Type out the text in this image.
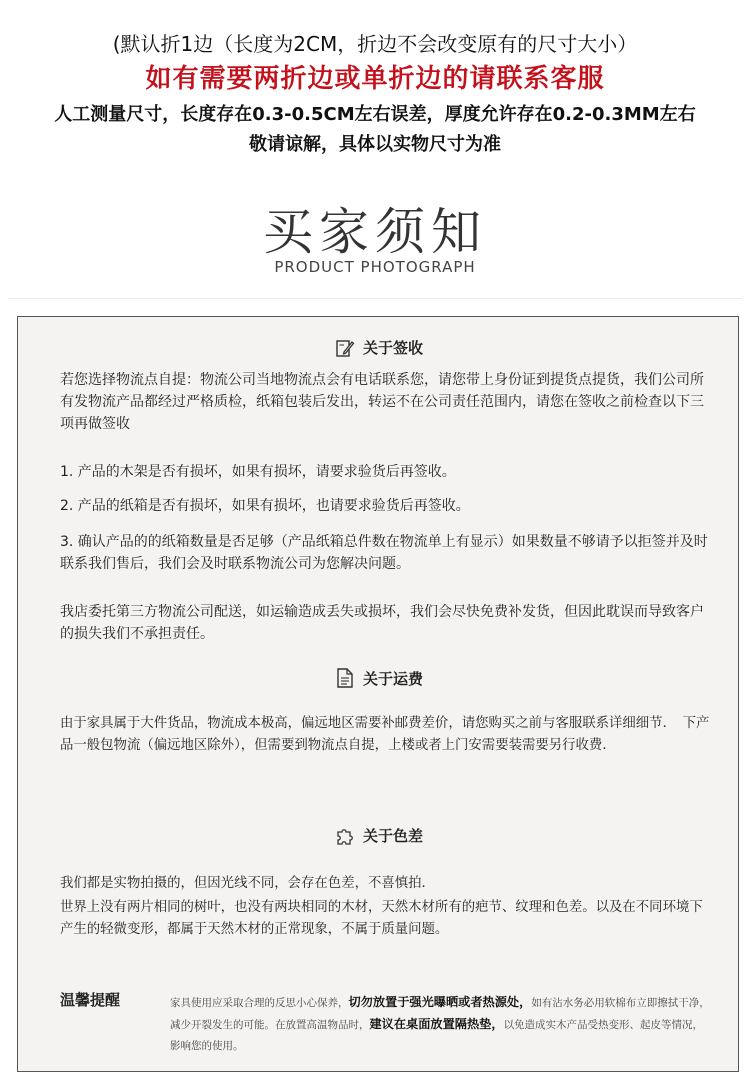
(默认折1边（长度为2CM，折边不会改变原有的尺寸大小）
如有需要两折边或单折边的请联系客服
人工测量尺寸，长度存在0.3-0.5CM左右误差，厚度允许存在0.2-0.3MM左右
敬请谅解，具体以实物尺寸为准
买家须知
PRODUCT PHOTOGRAPH
关于签收

若您选择物流点自提：物流公司当地物流点会有电话联系您，请您带上身份证到提货点提货，我们公司所有发物流产品都经过严格质检，纸箱包装后发出，转运不在公司责任范围内，请您在签收之前检查以下三项再做签收

1. 产品的木架是否有损坏，如果有损坏，请要求验货后再签收。

2. 产品的纸箱是否有损坏，如果有损坏，也请要求验货后再签收。

3. 确认产品的的纸箱数量是否足够（产品纸箱总件数在物流单上有显示）如果数量不够请予以拒签并及时联系我们售后，我们会及时联系物流公司为您解决问题。

我店委托第三方物流公司配送，如运输造成丢失或损坏，我们会尽快免费补发货，但因此耽误而导致客户的损失我们不承担责任。

关于运费

由于家具属于大件货品，物流成本极高，偏远地区需要补邮费差价，请您购买之前与客服联系详细细节．　下产品一般包物流（偏远地区除外），但需要到物流点自提，上楼或者上门安需要装需要另行收费．

关于色差

我们都是实物拍摄的，但因光线不同，会存在色差，不喜慎拍．

世界上没有两片相同的树叶，也没有两块相同的木材，天然木材所有的疤节、纹理和色差。以及在不同环境下产生的轻微变形，都属于天然木材的正常现象，不属于质量问题。

温馨提醒	家具使用应采取合理的反思小心保养，切勿放置于强光曝晒或者热源处，如有沾水务必用软棉布立即擦拭干净，减少开裂发生的可能。在放置高温物品时，建议在桌面放置隔热垫，以免造成实木产品受热变形、起皮等情况，影响您的使用。
